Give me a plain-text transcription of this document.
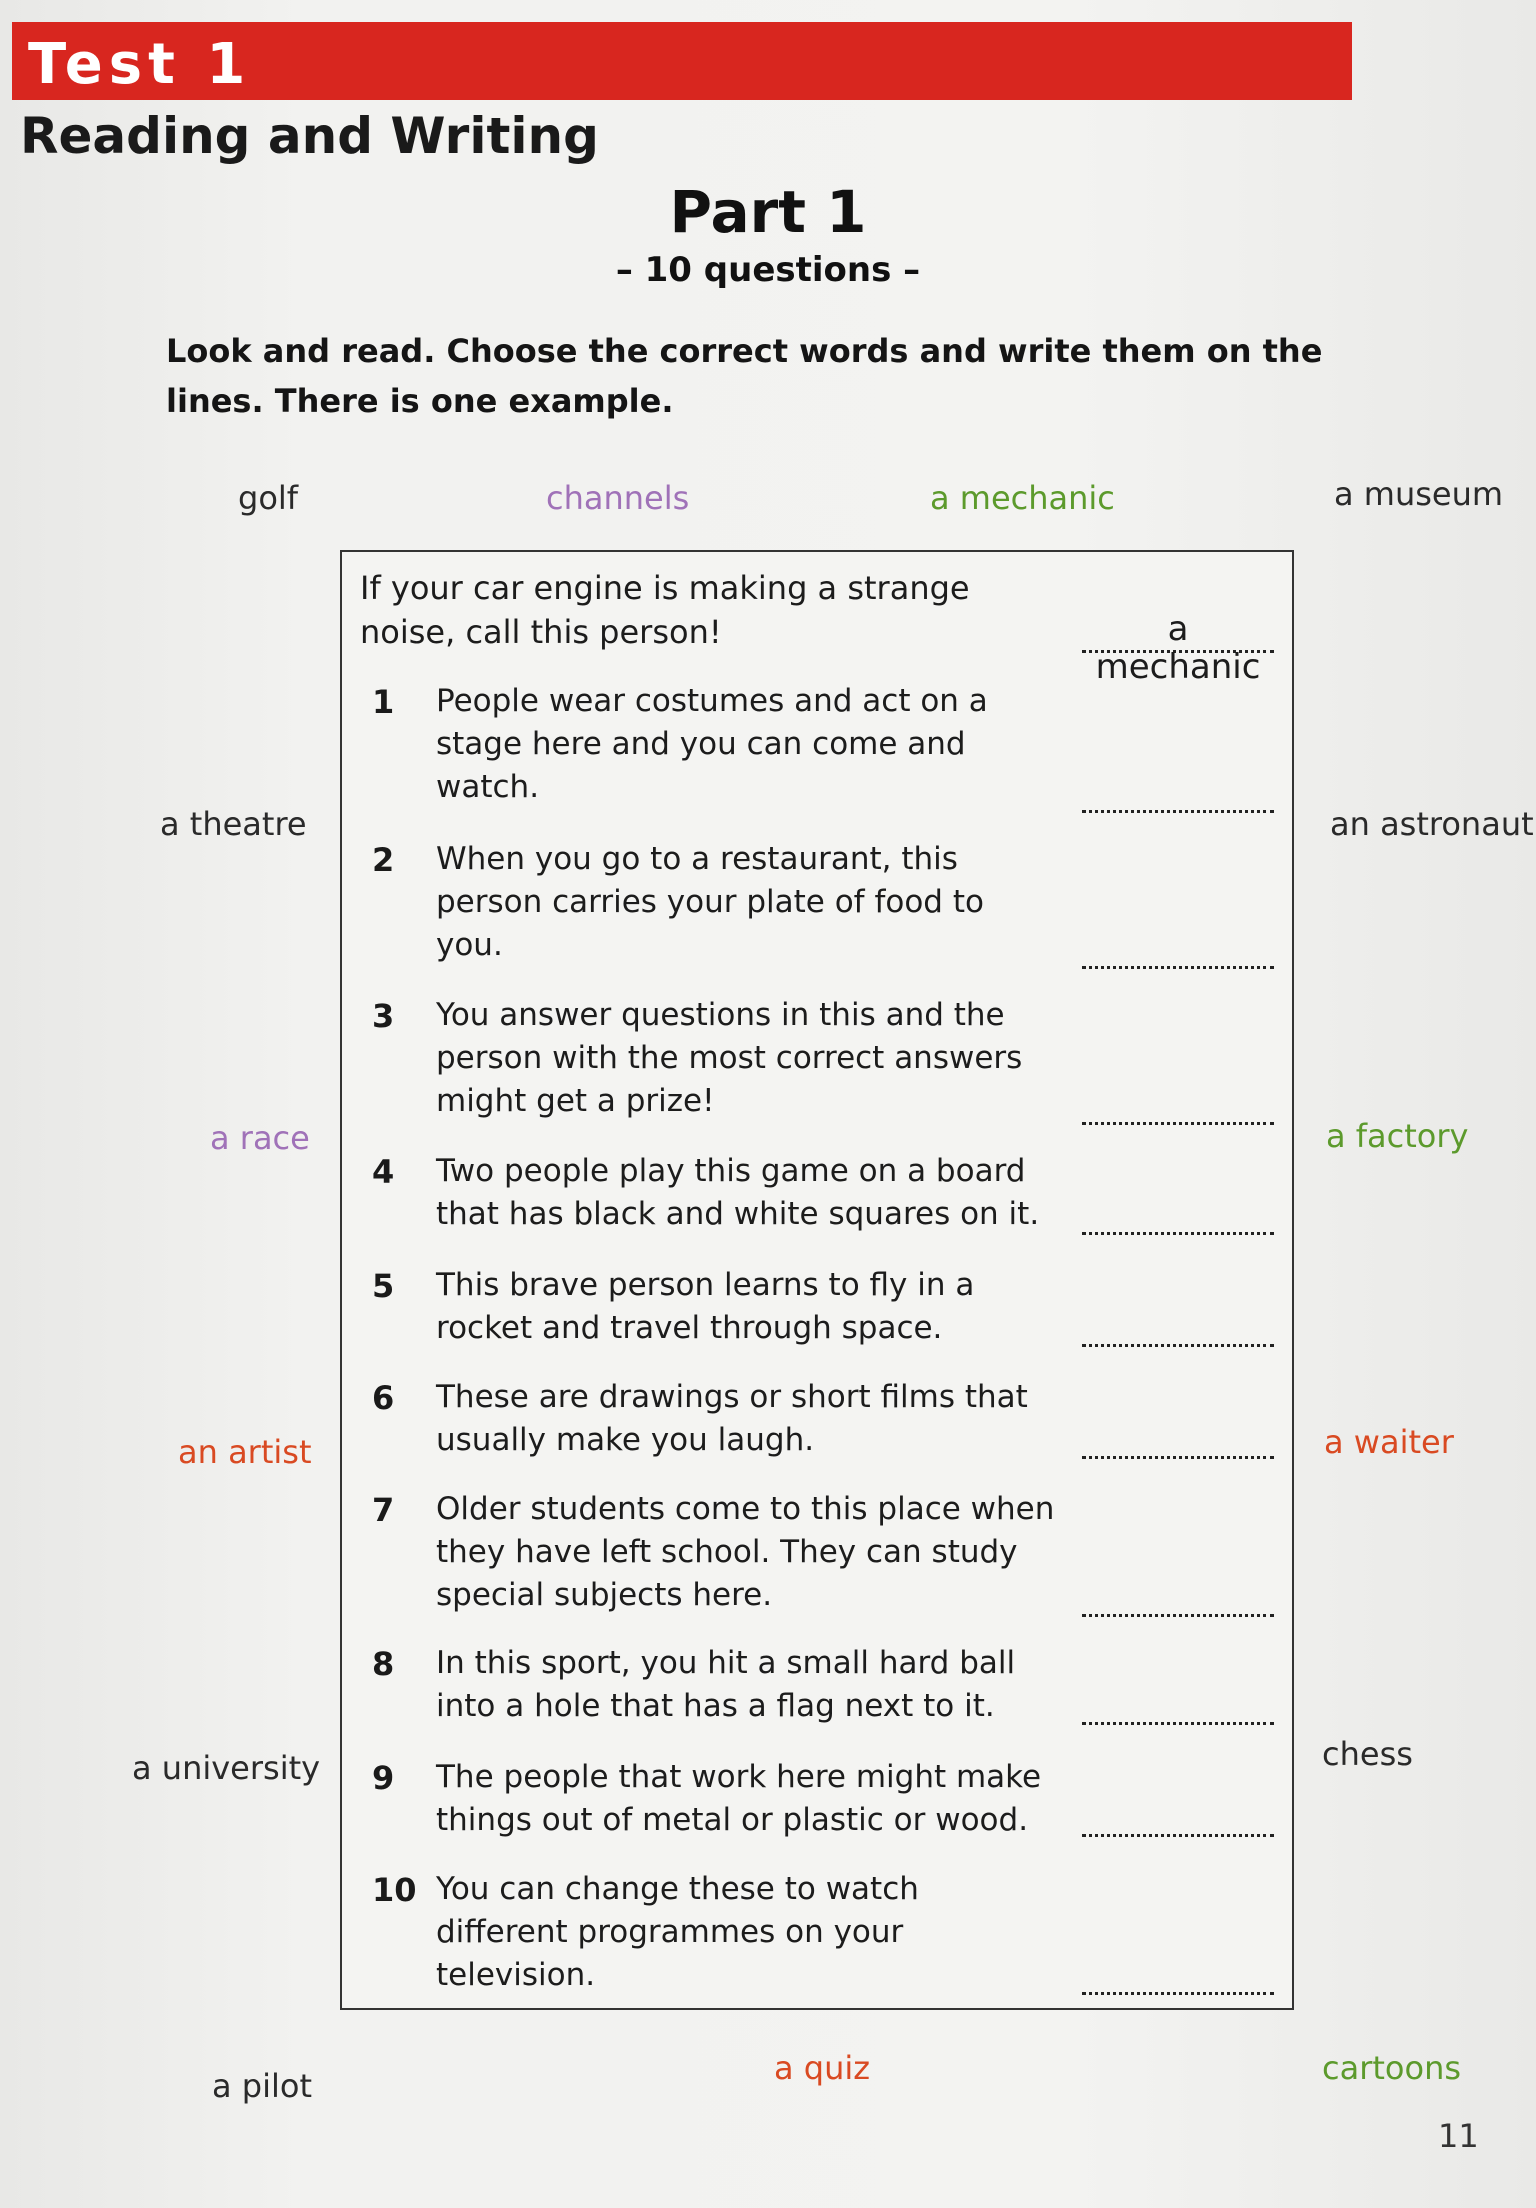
Test 1
Reading and Writing
Part 1
– 10 questions –
Look and read. Choose the correct words and write them on the lines. There is one example.
golf	channels	a mechanic	a museum
a theatre	an astronaut
a race	a factory
an artist	a waiter
a university	chess
a pilot	a quiz	cartoons
If your car engine is making a strange noise, call this person!	a mechanic
1	People wear costumes and act on a stage here and you can come and watch.
2	When you go to a restaurant, this person carries your plate of food to you.
3	You answer questions in this and the person with the most correct answers might get a prize!
4	Two people play this game on a board that has black and white squares on it.
5	This brave person learns to fly in a rocket and travel through space.
6	These are drawings or short films that usually make you laugh.
7	Older students come to this place when they have left school. They can study special subjects here.
8	In this sport, you hit a small hard ball into a hole that has a flag next to it.
9	The people that work here might make things out of metal or plastic or wood.
10 You can change these to watch different programmes on your television.
11
